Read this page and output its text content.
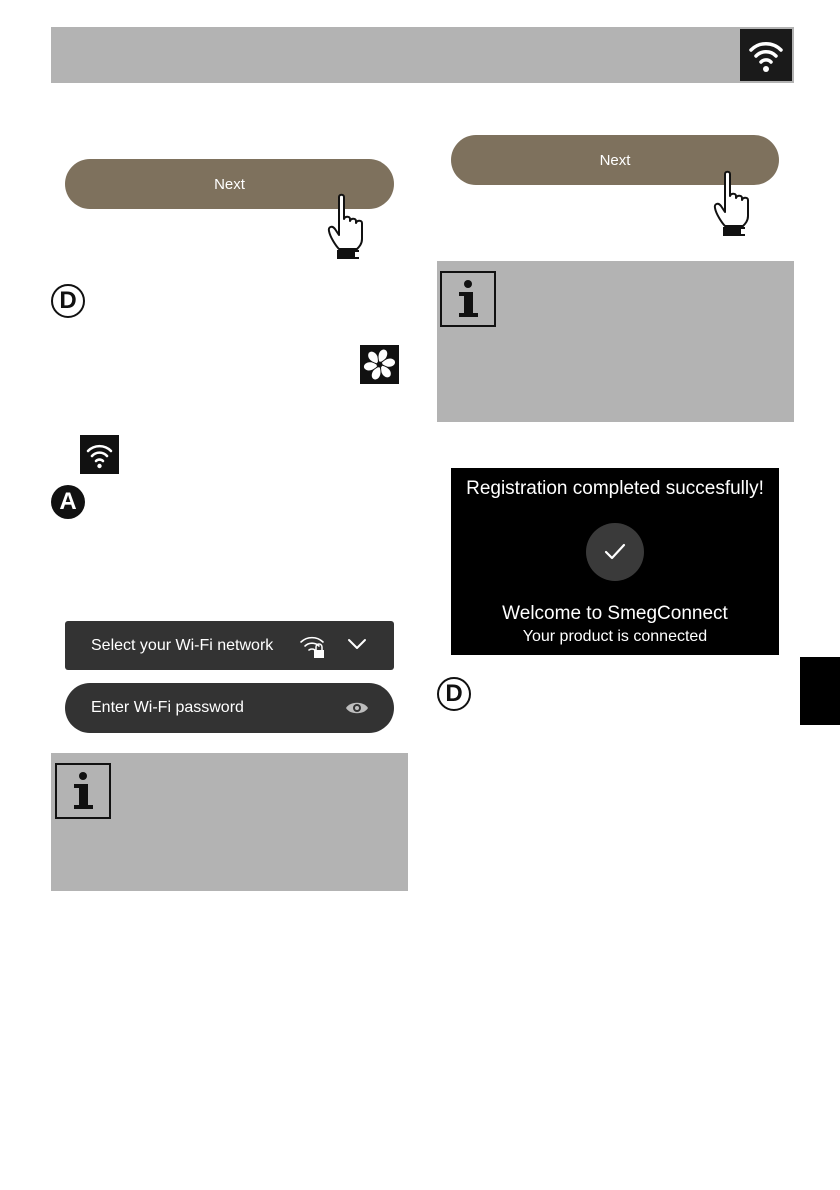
Next
D
A
Select your Wi-Fi network
Enter Wi-Fi password
Next
Registration completed succesfully!
Welcome to SmegConnect
Your product is connected
D
